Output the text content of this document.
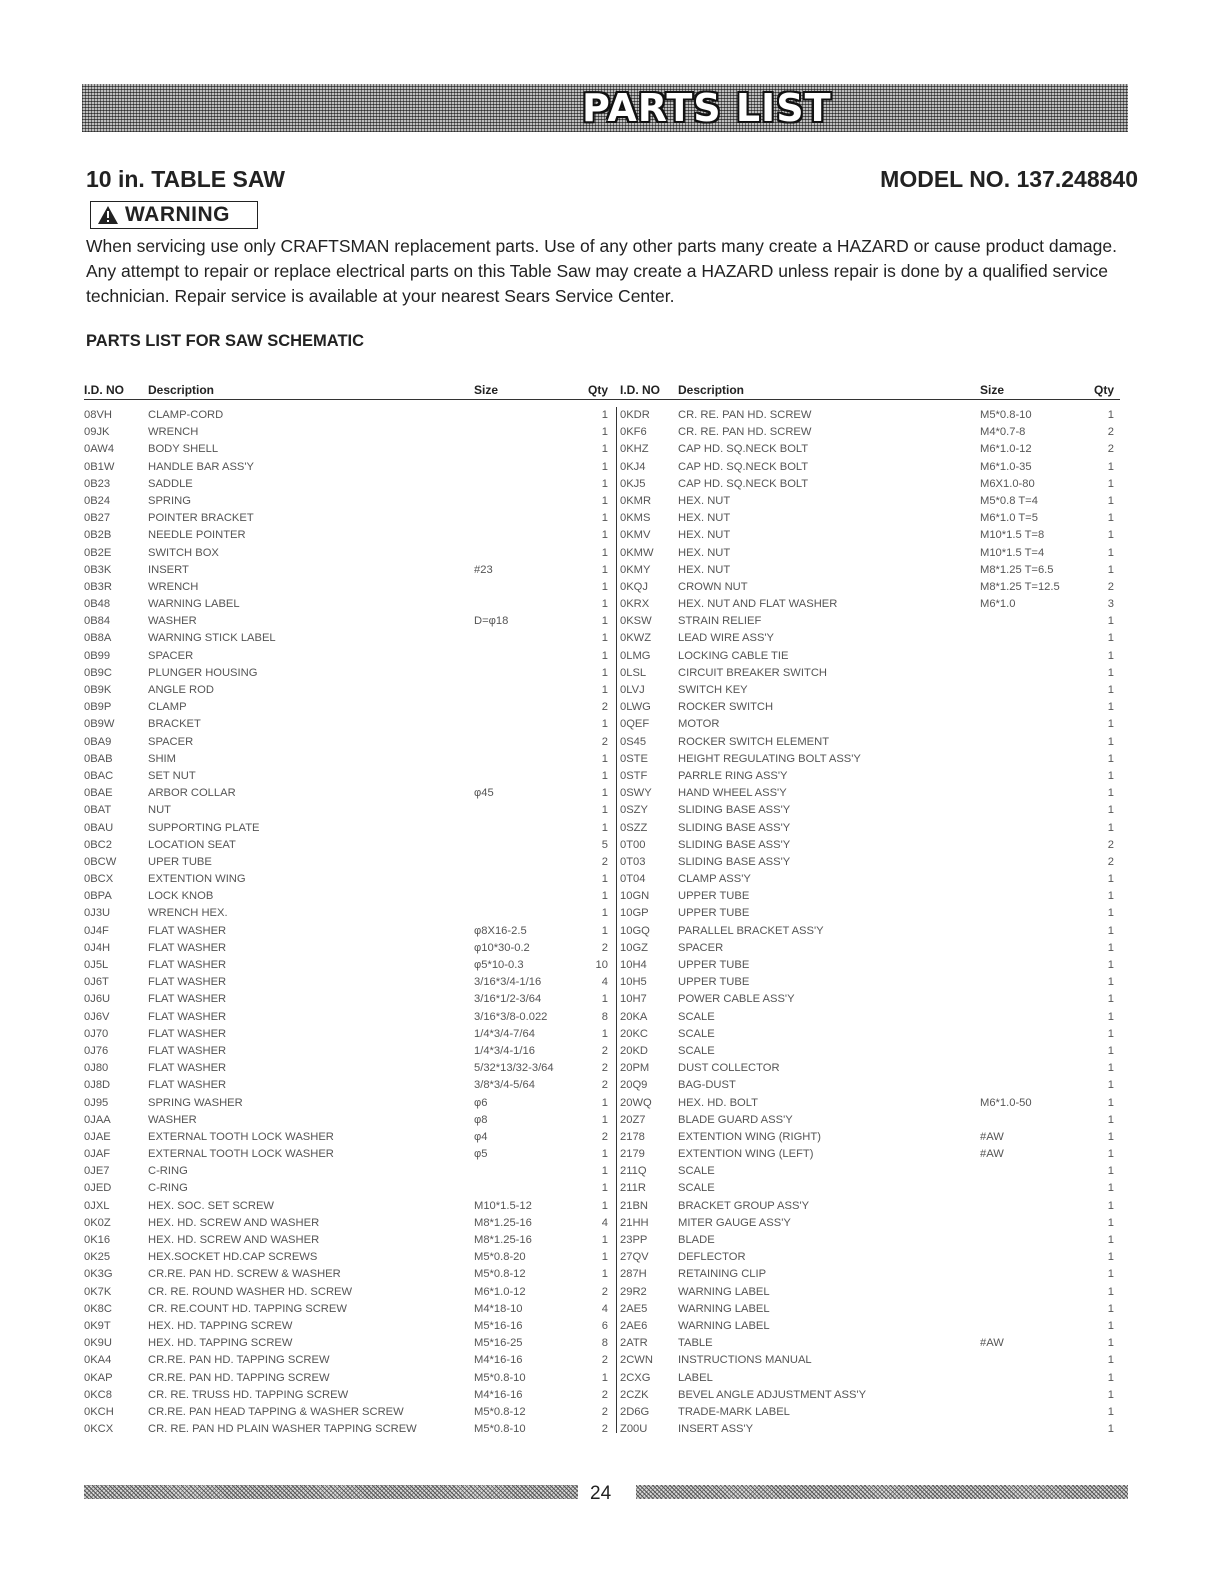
PARTS LIST
10 in. TABLE SAW	MODEL NO. 137.248840
WARNING

When servicing use only CRAFTSMAN replacement parts. Use of any other parts many create a HAZARD or cause product damage. Any attempt to repair or replace electrical parts on this Table Saw may create a HAZARD unless repair is done by a qualified service technician. Repair service is available at your nearest Sears Service Center.

PARTS LIST FOR SAW SCHEMATIC
I.D. NO Description	Size	Qty
08VH	CLAMP-CORD	1
09JK	WRENCH	1
0AW4	BODY SHELL	1
0B1W	HANDLE BAR ASS'Y	1
0B23	SADDLE	1
0B24	SPRING	1
0B27	POINTER BRACKET	1
0B2B	NEEDLE POINTER	1
0B2E	SWITCH BOX	1
0B3K	INSERT	#23	1
0B3R	WRENCH	1
0B48	WARNING LABEL	1
0B84	WASHER	D=φ18	1
0B8A	WARNING STICK LABEL	1
0B99	SPACER	1
0B9C	PLUNGER HOUSING	1
0B9K	ANGLE ROD	1
0B9P	CLAMP	2
0B9W	BRACKET	1
0BA9	SPACER	2
0BAB	SHIM	1
0BAC	SET NUT	1
0BAE	ARBOR COLLAR	φ45	1
0BAT	NUT	1
0BAU	SUPPORTING PLATE	1
0BC2	LOCATION SEAT	5
0BCW	UPER TUBE	2
0BCX	EXTENTION WING	1
0BPA	LOCK KNOB	1
0J3U	WRENCH HEX.	1
0J4F	FLAT WASHER	φ8X16-2.5	1
0J4H	FLAT WASHER	φ10*30-0.2	2
0J5L	FLAT WASHER	φ5*10-0.3	10
0J6T	FLAT WASHER	3/16*3/4-1/16	4
0J6U	FLAT WASHER	3/16*1/2-3/64	1
0J6V	FLAT WASHER	3/16*3/8-0.022	8
0J70	FLAT WASHER	1/4*3/4-7/64	1
0J76	FLAT WASHER	1/4*3/4-1/16	2
0J80	FLAT WASHER	5/32*13/32-3/64	2
0J8D	FLAT WASHER	3/8*3/4-5/64	2
0J95	SPRING WASHER	φ6	1
0JAA	WASHER	φ8	1
0JAE	EXTERNAL TOOTH LOCK WASHER	φ4	2
0JAF	EXTERNAL TOOTH LOCK WASHER	φ5	1
0JE7	C-RING	1
0JED	C-RING	1
0JXL	HEX. SOC. SET SCREW	M10*1.5-12	1
0K0Z	HEX. HD. SCREW AND WASHER	M8*1.25-16	4
0K16	HEX. HD. SCREW AND WASHER	M8*1.25-16	1
0K25	HEX.SOCKET HD.CAP SCREWS	M5*0.8-20	1
0K3G	CR.RE. PAN HD. SCREW & WASHER	M5*0.8-12	1
0K7K	CR. RE. ROUND WASHER HD. SCREW	M6*1.0-12	2
0K8C	CR. RE.COUNT HD. TAPPING SCREW	M4*18-10	4
0K9T	HEX. HD. TAPPING SCREW	M5*16-16	6
0K9U	HEX. HD. TAPPING SCREW	M5*16-25	8
0KA4	CR.RE. PAN HD. TAPPING SCREW	M4*16-16	2
0KAP	CR.RE. PAN HD. TAPPING SCREW	M5*0.8-10	1
0KC8	CR. RE. TRUSS HD. TAPPING SCREW	M4*16-16	2
0KCH	CR.RE. PAN HEAD TAPPING & WASHER SCREW	M5*0.8-12	2
0KCX	CR. RE. PAN HD PLAIN WASHER TAPPING SCREW	M5*0.8-10	2
I.D. NO Description	Size	Qty
0KDR	CR. RE. PAN HD. SCREW	M5*0.8-10	1
0KF6	CR. RE. PAN HD. SCREW	M4*0.7-8	2
0KHZ	CAP HD. SQ.NECK BOLT	M6*1.0-12	2
0KJ4	CAP HD. SQ.NECK BOLT	M6*1.0-35	1
0KJ5	CAP HD. SQ.NECK BOLT	M6X1.0-80	1
0KMR HEX. NUT	M5*0.8 T=4	1
0KMS HEX. NUT	M6*1.0 T=5	1
0KMV HEX. NUT	M10*1.5 T=8	1
0KMW HEX. NUT	M10*1.5 T=4	1
0KMY HEX. NUT	M8*1.25 T=6.5	1
0KQJ	CROWN NUT	M8*1.25 T=12.5	2
0KRX	HEX. NUT AND FLAT WASHER	M6*1.0	3
0KSW STRAIN RELIEF	1
0KWZ LEAD WIRE ASS'Y	1
0LMG LOCKING CABLE TIE	1
0LSL	CIRCUIT BREAKER SWITCH	1
0LVJ	SWITCH KEY	1
0LWG ROCKER SWITCH	1
0QEF	MOTOR	1
0S45	ROCKER SWITCH ELEMENT	1
0STE	HEIGHT REGULATING BOLT ASS'Y	1
0STF	PARRLE RING ASS'Y	1
0SWY HAND WHEEL ASS'Y	1
0SZY	SLIDING BASE ASS'Y	1
0SZZ	SLIDING BASE ASS'Y	1
0T00	SLIDING BASE ASS'Y	2
0T03	SLIDING BASE ASS'Y	2
0T04	CLAMP ASS'Y	1
10GN	UPPER TUBE	1
10GP	UPPER TUBE	1
10GQ	PARALLEL BRACKET ASS'Y	1
10GZ	SPACER	1
10H4	UPPER TUBE	1
10H5	UPPER TUBE	1
10H7	POWER CABLE ASS'Y	1
20KA	SCALE	1
20KC	SCALE	1
20KD	SCALE	1
20PM	DUST COLLECTOR	1
20Q9	BAG-DUST	1
20WQ HEX. HD. BOLT	M6*1.0-50	1
20Z7	BLADE GUARD ASS'Y	1
2178	EXTENTION WING (RIGHT)	#AW	1
2179	EXTENTION WING (LEFT)	#AW	1
211Q	SCALE	1
211R	SCALE	1
21BN	BRACKET GROUP ASS'Y	1
21HH	MITER GAUGE ASS'Y	1
23PP	BLADE	1
27QV	DEFLECTOR	1
287H	RETAINING CLIP	1
29R2	WARNING LABEL	1
2AE5	WARNING LABEL	1
2AE6	WARNING LABEL	1
2ATR	TABLE	#AW	1
2CWN INSTRUCTIONS MANUAL	1
2CXG LABEL	1
2CZK	BEVEL ANGLE ADJUSTMENT ASS'Y	1
2D6G	TRADE-MARK LABEL	1
Z00U	INSERT ASS'Y	1
24
